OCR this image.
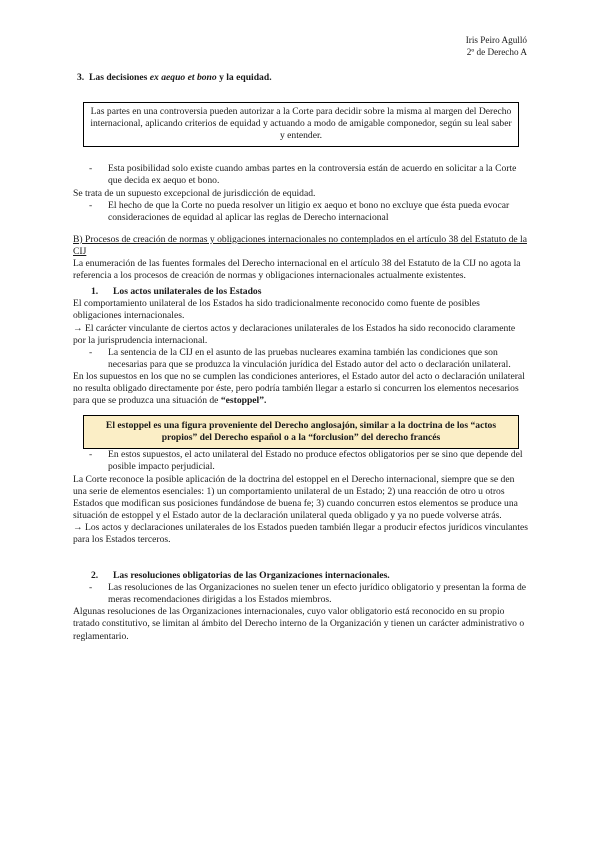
Iris Peiro Agulló
2º de Derecho A

3. Las decisiones ex aequo et bono y la equidad.

Las partes en una controversia pueden autorizar a la Corte para decidir sobre la misma al margen del Derecho internacional, aplicando criterios de equidad y actuando a modo de amigable componedor, según su leal saber y entender.
-	Esta posibilidad solo existe cuando ambas partes en la controversia están de acuerdo en solicitar a la Corte que decida ex aequo et bono.

Se trata de un supuesto excepcional de jurisdicción de equidad.

-	El hecho de que la Corte no pueda resolver un litigio ex aequo et bono no excluye que ésta pueda evocar consideraciones de equidad al aplicar las reglas de Derecho internacional

B) Procesos de creación de normas y obligaciones internacionales no contemplados en el artículo 38 del Estatuto de la CIJ

La enumeración de las fuentes formales del Derecho internacional en el artículo 38 del Estatuto de la CIJ no agota la referencia a los procesos de creación de normas y obligaciones internacionales actualmente existentes.

1.	Los actos unilaterales de los Estados

El comportamiento unilateral de los Estados ha sido tradicionalmente reconocido como fuente de posibles obligaciones internacionales.

→ El carácter vinculante de ciertos actos y declaraciones unilaterales de los Estados ha sido reconocido claramente por la jurisprudencia internacional.

-	La sentencia de la CIJ en el asunto de las pruebas nucleares examina también las condiciones que son necesarias para que se produzca la vinculación jurídica del Estado autor del acto o declaración unilateral.

En los supuestos en los que no se cumplen las condiciones anteriores, el Estado autor del acto o declaración unilateral no resulta obligado directamente por éste, pero podría también llegar a estarlo si concurren los elementos necesarios para que se produzca una situación de “estoppel”.

El estoppel es una figura proveniente del Derecho anglosajón, similar a la doctrina de los “actos propios” del Derecho español o a la “forclusion” del derecho francés
-	En estos supuestos, el acto unilateral del Estado no produce efectos obligatorios per se sino que depende del posible impacto perjudicial.

La Corte reconoce la posible aplicación de la doctrina del estoppel en el Derecho internacional, siempre que se den una serie de elementos esenciales: 1) un comportamiento unilateral de un Estado; 2) una reacción de otro u otros Estados que modifican sus posiciones fundándose de buena fe; 3) cuando concurren estos elementos se produce una situación de estoppel y el Estado autor de la declaración unilateral queda obligado y ya no puede volverse atrás.

→ Los actos y declaraciones unilaterales de los Estados pueden también llegar a producir efectos jurídicos vinculantes para los Estados terceros.

2.	Las resoluciones obligatorias de las Organizaciones internacionales.
-	Las resoluciones de las Organizaciones no suelen tener un efecto jurídico obligatorio y presentan la forma de meras recomendaciones dirigidas a los Estados miembros.

Algunas resoluciones de las Organizaciones internacionales, cuyo valor obligatorio está reconocido en su propio tratado constitutivo, se limitan al ámbito del Derecho interno de la Organización y tienen un carácter administrativo o reglamentario.
